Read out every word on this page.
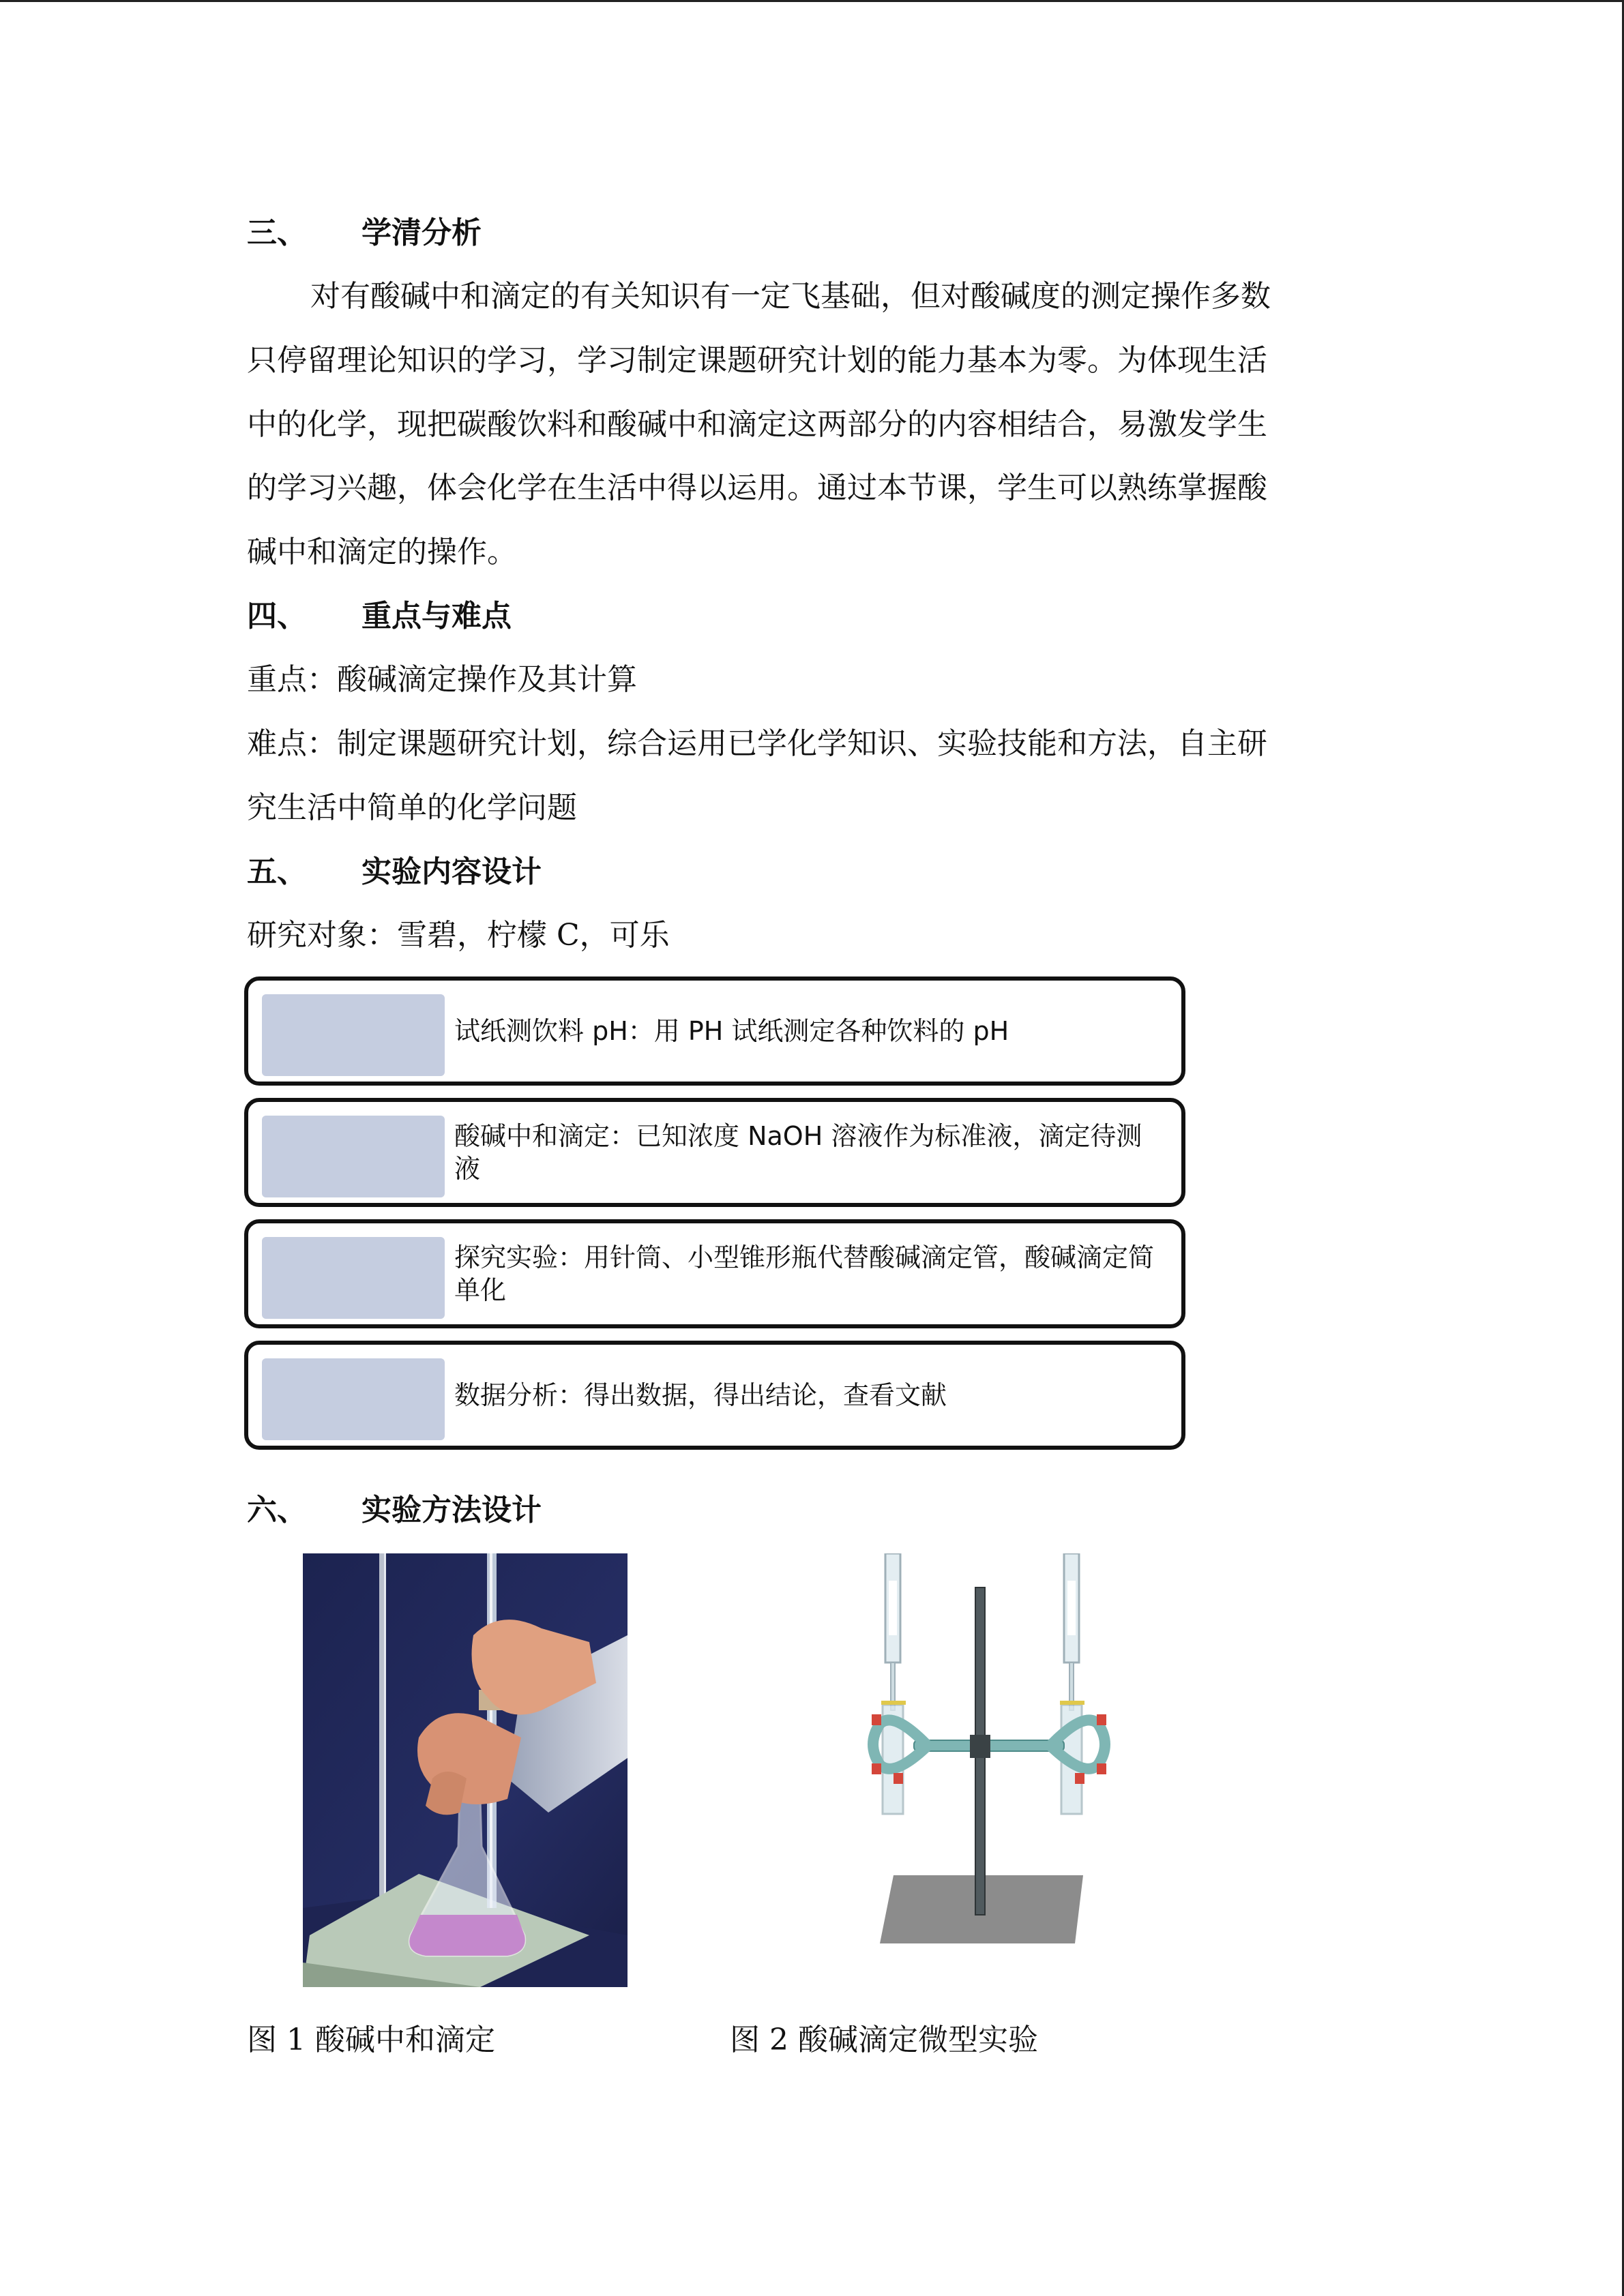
三、 学清分析
对有酸碱中和滴定的有关知识有一定飞基础，但对酸碱度的测定操作多数
只停留理论知识的学习，学习制定课题研究计划的能力基本为零。为体现生活
中的化学，现把碳酸饮料和酸碱中和滴定这两部分的内容相结合，易激发学生
的学习兴趣，体会化学在生活中得以运用。通过本节课，学生可以熟练掌握酸
碱中和滴定的操作。
四、 重点与难点
重点：酸碱滴定操作及其计算
难点：制定课题研究计划，综合运用已学化学知识、实验技能和方法，自主研
究生活中简单的化学问题
五、 实验内容设计
研究对象：雪碧，柠檬 C，可乐
试纸测饮料 pH：用 PH 试纸测定各种饮料的 pH
酸碱中和滴定：已知浓度 NaOH 溶液作为标准液，滴定待测液
探究实验：用针筒、小型锥形瓶代替酸碱滴定管，酸碱滴定简单化
数据分析：得出数据，得出结论，查看文献
六、 实验方法设计
图 1 酸碱中和滴定	图 2 酸碱滴定微型实验
